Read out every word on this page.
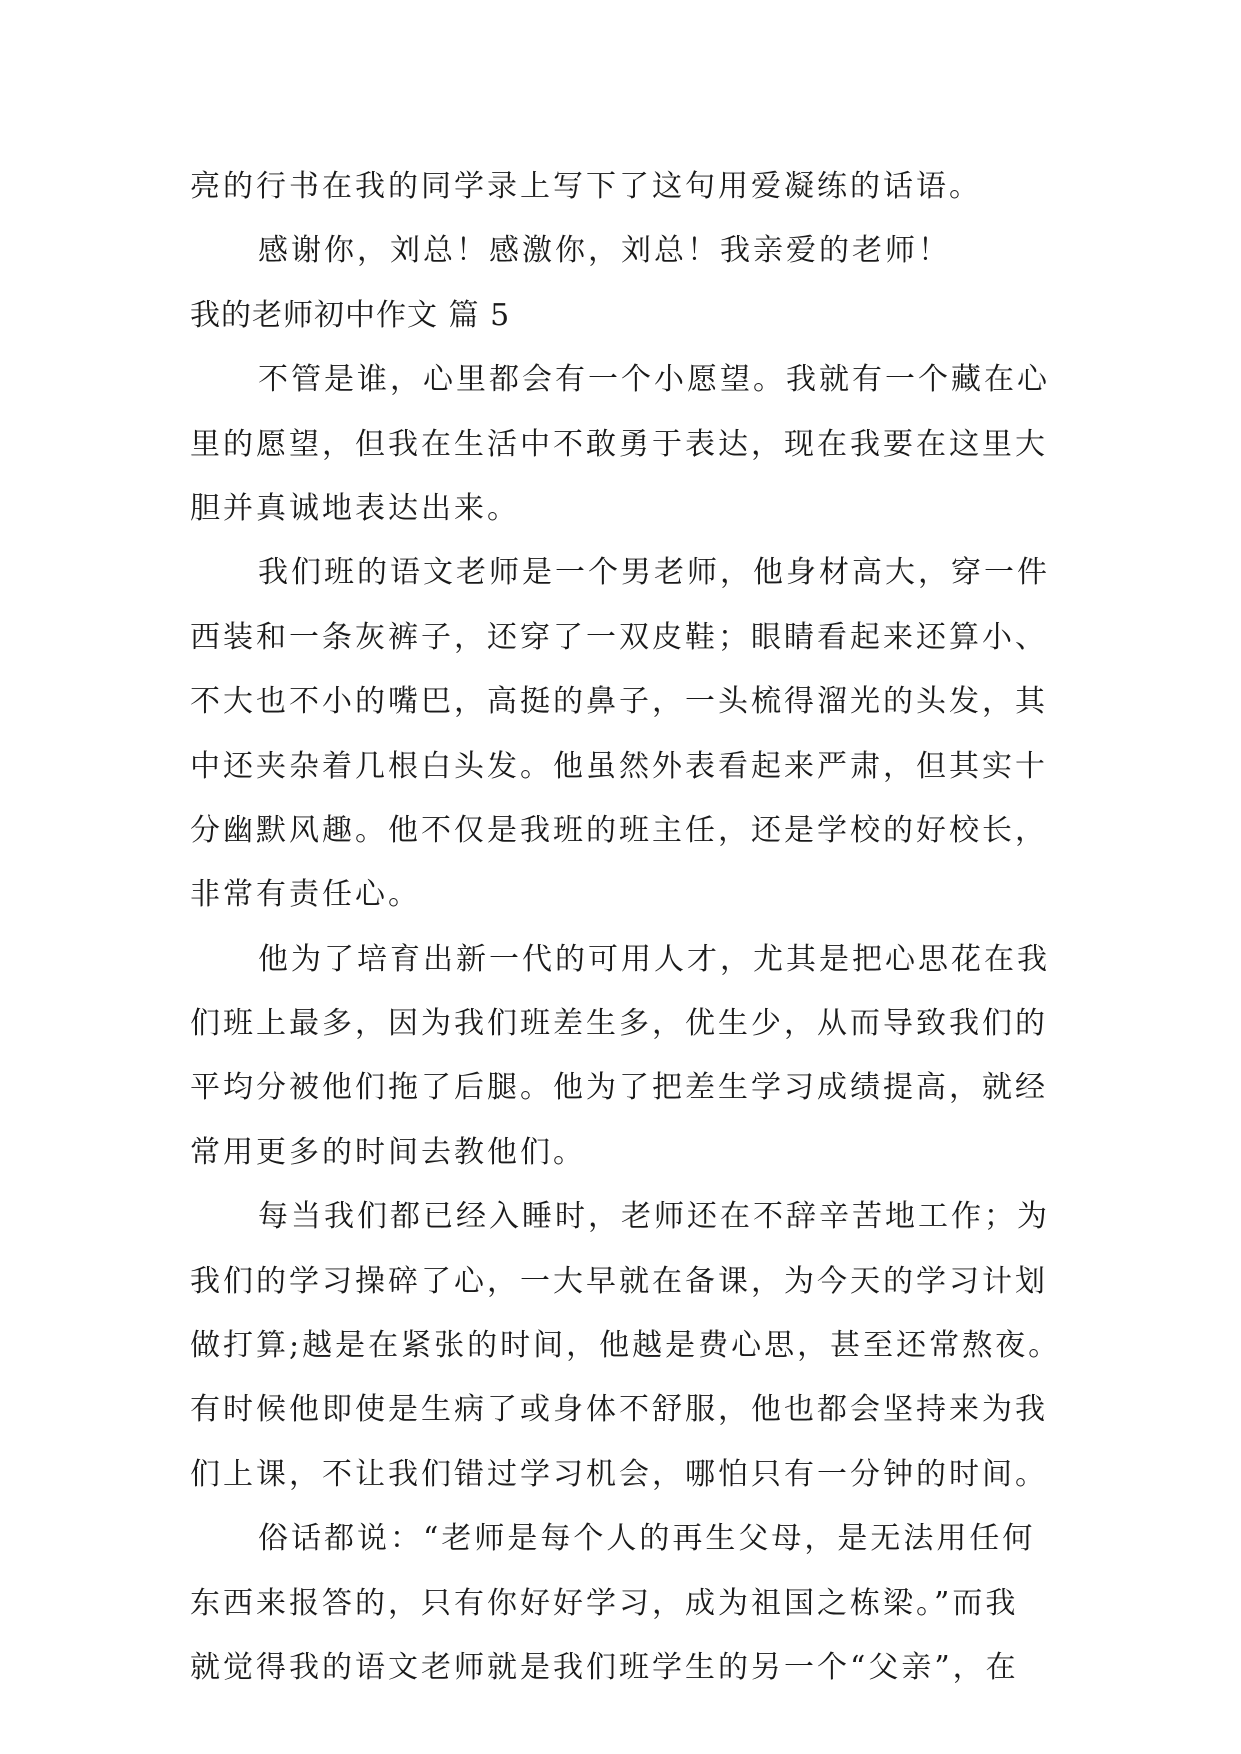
亮的行书在我的同学录上写下了这句用爱凝练的话语。
感谢你，刘总！感激你，刘总！我亲爱的老师！
我的老师初中作文 篇 5
不管是谁，心里都会有一个小愿望。我就有一个藏在心
里的愿望，但我在生活中不敢勇于表达，现在我要在这里大
胆并真诚地表达出来。
我们班的语文老师是一个男老师，他身材高大，穿一件
西装和一条灰裤子，还穿了一双皮鞋；眼睛看起来还算小、
不大也不小的嘴巴，高挺的鼻子，一头梳得溜光的头发，其
中还夹杂着几根白头发。他虽然外表看起来严肃，但其实十
分幽默风趣。他不仅是我班的班主任，还是学校的好校长，
非常有责任心。
他为了培育出新一代的可用人才，尤其是把心思花在我
们班上最多，因为我们班差生多，优生少，从而导致我们的
平均分被他们拖了后腿。他为了把差生学习成绩提高，就经
常用更多的时间去教他们。
每当我们都已经入睡时，老师还在不辞辛苦地工作；为
我们的学习操碎了心，一大早就在备课，为今天的学习计划
做打算;越是在紧张的时间，他越是费心思，甚至还常熬夜。
有时候他即使是生病了或身体不舒服，他也都会坚持来为我
们上课，不让我们错过学习机会，哪怕只有一分钟的时间。
俗话都说：“老师是每个人的再生父母，是无法用任何
东西来报答的，只有你好好学习，成为祖国之栋梁。”而我
就觉得我的语文老师就是我们班学生的另一个“父亲”，在
